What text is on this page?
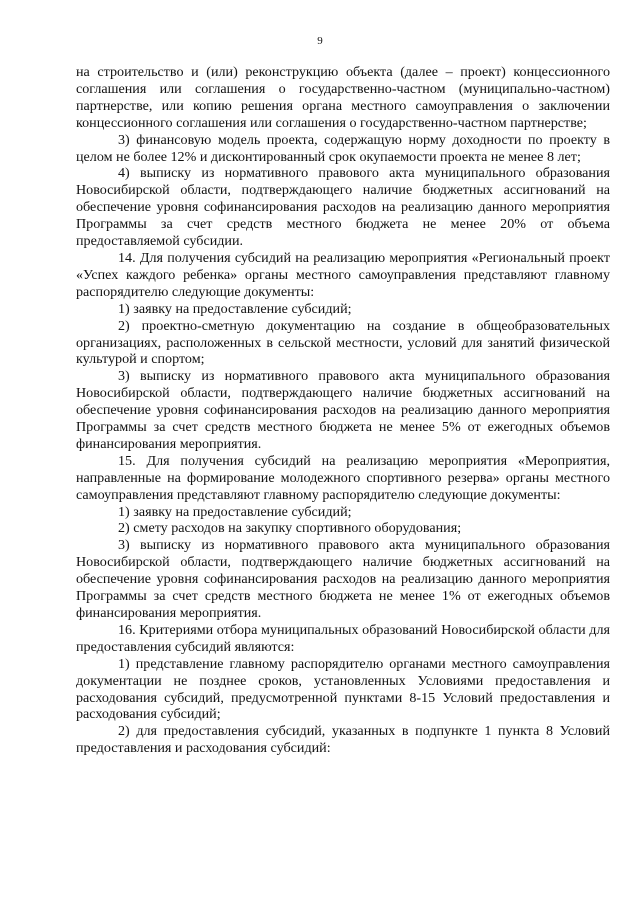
9

на строительство и (или) реконструкцию объекта (далее – проект) концессионного соглашения или соглашения о государственно-частном (муниципально-частном) партнерстве, или копию решения органа местного самоуправления о заключении концессионного соглашения или соглашения о государственно-частном партнерстве;

3) финансовую модель проекта, содержащую норму доходности по проекту в целом не более 12% и дисконтированный срок окупаемости проекта не менее 8 лет;

4) выписку из нормативного правового акта муниципального образования Новосибирской области, подтверждающего наличие бюджетных ассигнований на обеспечение уровня софинансирования расходов на реализацию данного мероприятия Программы за счет средств местного бюджета не менее 20% от объема предоставляемой субсидии.

14. Для получения субсидий на реализацию мероприятия «Региональный проект «Успех каждого ребенка» органы местного самоуправления представляют главному распорядителю следующие документы:

1) заявку на предоставление субсидий;

2) проектно-сметную документацию на создание в общеобразовательных организациях, расположенных в сельской местности, условий для занятий физической культурой и спортом;

3) выписку из нормативного правового акта муниципального образования Новосибирской области, подтверждающего наличие бюджетных ассигнований на обеспечение уровня софинансирования расходов на реализацию данного мероприятия Программы за счет средств местного бюджета не менее 5% от ежегодных объемов финансирования мероприятия.

15. Для получения субсидий на реализацию мероприятия «Мероприятия, направленные на формирование молодежного спортивного резерва» органы местного самоуправления представляют главному распорядителю следующие документы:

1) заявку на предоставление субсидий;

2) смету расходов на закупку спортивного оборудования;

3) выписку из нормативного правового акта муниципального образования Новосибирской области, подтверждающего наличие бюджетных ассигнований на обеспечение уровня софинансирования расходов на реализацию данного мероприятия Программы за счет средств местного бюджета не менее 1% от ежегодных объемов финансирования мероприятия.

16. Критериями отбора муниципальных образований Новосибирской области для предоставления субсидий являются:

1) представление главному распорядителю органами местного самоуправления документации не позднее сроков, установленных Условиями предоставления и расходования субсидий, предусмотренной пунктами 8-15 Условий предоставления и расходования субсидий;

2) для предоставления субсидий, указанных в подпункте 1 пункта 8 Условий предоставления и расходования субсидий:
